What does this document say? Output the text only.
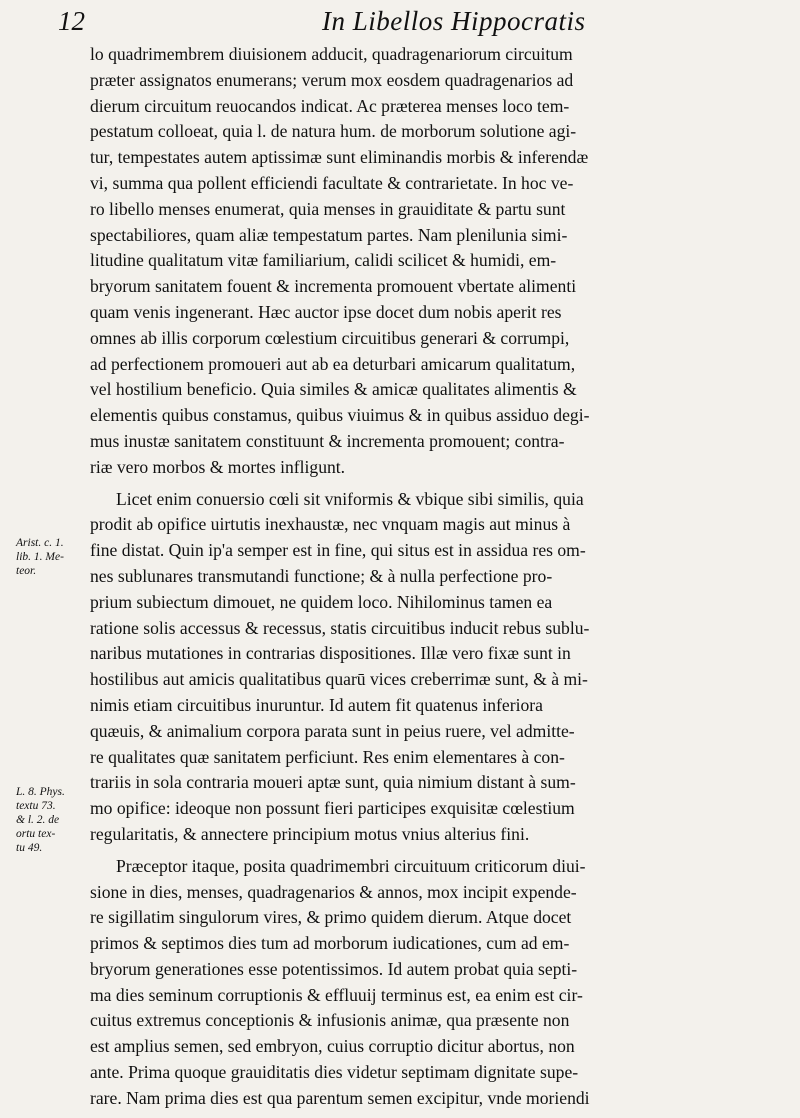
12	In Libellos Hippocratis
Arist. c. 1.
lib. 1. Me-
teor.
L. 8. Phys.
textu 73.
& l. 2. de
ortu tex-
tu 49.
lo quadrimembrem diuisionem adducit, quadragenariorum circuitum
præter assignatos enumerans; verum mox eosdem quadragenarios ad
dierum circuitum reuocandos indicat. Ac præterea menses loco tem-
pestatum colloeat, quia l. de natura hum. de morborum solutione agi-
tur, tempestates autem aptissimæ sunt eliminandis morbis & inferendæ
vi, summa qua pollent efficiendi facultate & contrarietate. In hoc ve-
ro libello menses enumerat, quia menses in grauiditate & partu sunt
spectabiliores, quam aliæ tempestatum partes. Nam plenilunia simi-
litudine qualitatum vitæ familiarium, calidi scilicet & humidi, em-
bryorum sanitatem fouent & incrementa promouent vbertate alimenti
quam venis ingenerant. Hæc auctor ipse docet dum nobis aperit res
omnes ab illis corporum cœlestium circuitibus generari & corrumpi,
ad perfectionem promoueri aut ab ea deturbari amicarum qualitatum,
vel hostilium beneficio. Quia similes & amicæ qualitates alimentis &
elementis quibus constamus, quibus viuimus & in quibus assiduo degi-
mus inustæ sanitatem constituunt & incrementa promouent; contra-
riæ vero morbos & mortes infligunt.
Licet enim conuersio cœli sit vniformis & vbique sibi similis, quia
prodit ab opifice uirtutis inexhaustæ, nec vnquam magis aut minus à
fine distat. Quin ip'a semper est in fine, qui situs est in assidua res om-
nes sublunares transmutandi functione; & à nulla perfectione pro-
prium subiectum dimouet, ne quidem loco. Nihilominus tamen ea
ratione solis accessus & recessus, statis circuitibus inducit rebus sublu-
naribus mutationes in contrarias dispositiones. Illæ vero fixæ sunt in
hostilibus aut amicis qualitatibus quarū vices creberrimæ sunt, & à mi-
nimis etiam circuitibus inuruntur. Id autem fit quatenus inferiora
quæuis, & animalium corpora parata sunt in peius ruere, vel admitte-
re qualitates quæ sanitatem perficiunt. Res enim elementares à con-
trariis in sola contraria moueri aptæ sunt, quia nimium distant à sum-
mo opifice: ideoque non possunt fieri participes exquisitæ cœlestium
regularitatis, & annectere principium motus vnius alterius fini.
Præceptor itaque, posita quadrimembri circuituum criticorum diui-
sione in dies, menses, quadragenarios & annos, mox incipit expende-
re sigillatim singulorum vires, & primo quidem dierum. Atque docet
primos & septimos dies tum ad morborum iudicationes, cum ad em-
bryorum generationes esse potentissimos. Id autem probat quia septi-
ma dies seminum corruptionis & effluuij terminus est, ea enim est cir-
cuitus extremus conceptionis & infusionis animæ, qua præsente non
est amplius semen, sed embryon, cuius corruptio dicitur abortus, non
ante. Prima quoque grauiditatis dies videtur septimam dignitate supe-
rare. Nam prima dies est qua parentum semen excipitur, vnde moriendi
